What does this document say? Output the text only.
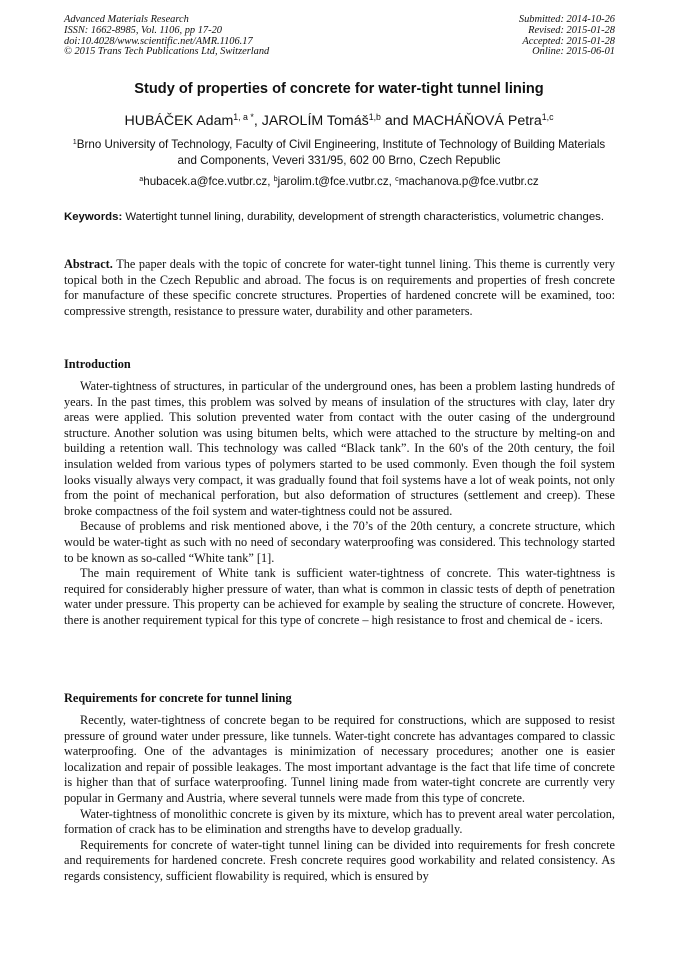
Advanced Materials Research
ISSN: 1662-8985, Vol. 1106, pp 17-20
doi:10.4028/www.scientific.net/AMR.1106.17
© 2015 Trans Tech Publications Ltd, Switzerland
Submitted: 2014-10-26
Revised: 2015-01-28
Accepted: 2015-01-28
Online: 2015-06-01
Study of properties of concrete for water-tight tunnel lining
HUBÁČEK Adam$^{1, a *}$, JAROLÍM Tomáš$^{1,b}$ and MACHÁŇOVÁ Petra$^{1,c}$
$^1$Brno University of Technology, Faculty of Civil Engineering, Institute of Technology of Building Materials and Components, Veveri 331/95, 602 00 Brno, Czech Republic
$^a$hubacek.a@fce.vutbr.cz, $^b$jarolim.t@fce.vutbr.cz, $^c$machanova.p@fce.vutbr.cz
Keywords: Watertight tunnel lining, durability, development of strength characteristics, volumetric changes.

Abstract. The paper deals with the topic of concrete for water-tight tunnel lining. This theme is currently very topical both in the Czech Republic and abroad. The focus is on requirements and properties of fresh concrete for manufacture of these specific concrete structures. Properties of hardened concrete will be examined, too: compressive strength, resistance to pressure water, durability and other parameters.

Introduction

Water-tightness of structures, in particular of the underground ones, has been a problem lasting hundreds of years. In the past times, this problem was solved by means of insulation of the structures with clay, later dry areas were applied. This solution prevented water from contact with the outer casing of the underground structure. Another solution was using bitumen belts, which were attached to the structure by melting-on and building a retention wall. This technology was called “Black tank”. In the 60's of the 20th century, the foil insulation welded from various types of polymers started to be used commonly. Even though the foil system looks visually always very compact, it was gradually found that foil systems have a lot of weak points, not only from the point of mechanical perforation, but also deformation of structures (settlement and creep). These broke compactness of the foil system and water-tightness could not be assured.

Because of problems and risk mentioned above, i the 70’s of the 20th century, a concrete structure, which would be water-tight as such with no need of secondary waterproofing was considered. This technology started to be known as so-called “White tank” [1].

The main requirement of White tank is sufficient water-tightness of concrete. This water-tightness is required for considerably higher pressure of water, than what is common in classic tests of depth of penetration water under pressure. This property can be achieved for example by sealing the structure of concrete. However, there is another requirement typical for this type of concrete – high resistance to frost and chemical de - icers.

Requirements for concrete for tunnel lining

Recently, water-tightness of concrete began to be required for constructions, which are supposed to resist pressure of ground water under pressure, like tunnels. Water-tight concrete has advantages compared to classic waterproofing. One of the advantages is minimization of necessary procedures; another one is easier localization and repair of possible leakages. The most important advantage is the fact that life time of concrete is higher than that of surface waterproofing. Tunnel lining made from water-tight concrete are currently very popular in Germany and Austria, where several tunnels were made from this type of concrete.

Water-tightness of monolithic concrete is given by its mixture, which has to prevent areal water percolation, formation of crack has to be elimination and strengths have to develop gradually.

Requirements for concrete of water-tight tunnel lining can be divided into requirements for fresh concrete and requirements for hardened concrete. Fresh concrete requires good workability and related consistency. As regards consistency, sufficient flowability is required, which is ensured by
